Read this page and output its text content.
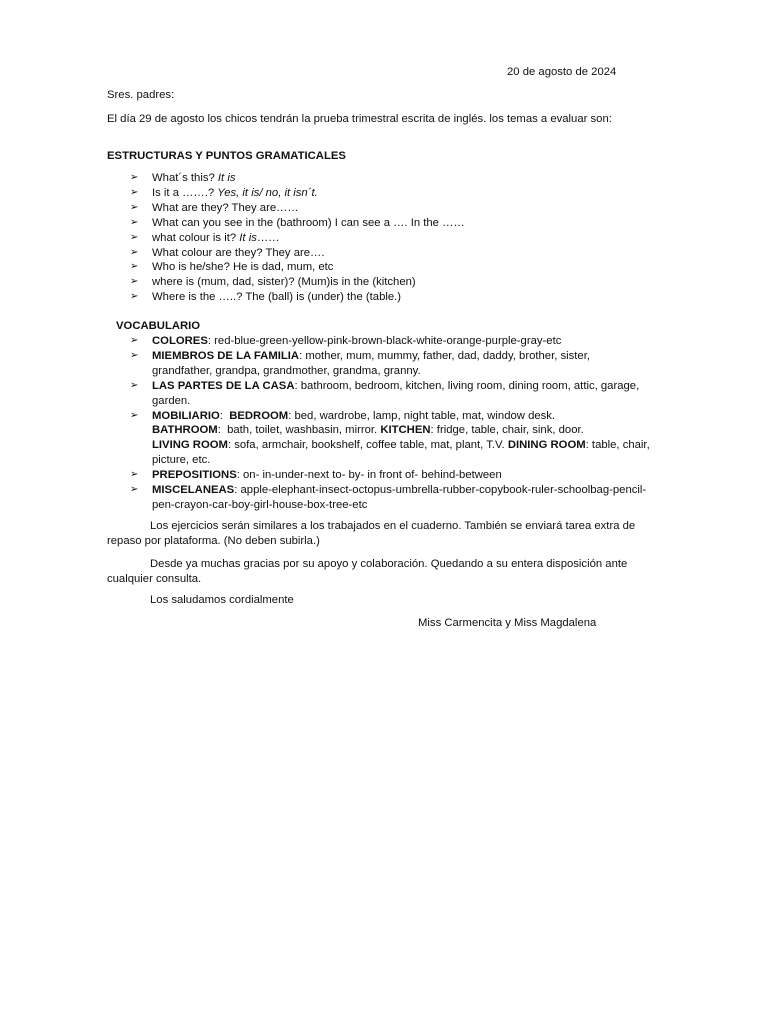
20 de agosto de 2024
Sres. padres:
El día 29 de agosto los chicos tendrán la prueba trimestral escrita de inglés. los temas a evaluar son:
ESTRUCTURAS Y PUNTOS GRAMATICALES
➢ What´s this? It is
➢ Is it a …….? Yes, it is/ no, it isn´t.
➢ What are they? They are……
➢ What can you see in the (bathroom) I can see a …. In the ……
➢ what colour is it? It is……
➢ What colour are they? They are….
➢ Who is he/she? He is dad, mum, etc
➢ where is (mum, dad, sister)? (Mum)is in the (kitchen)
➢ Where is the …..? The (ball) is (under) the (table.)
VOCABULARIO
➢ COLORES: red-blue-green-yellow-pink-brown-black-white-orange-purple-gray-etc
➢ MIEMBROS DE LA FAMILIA: mother, mum, mummy, father, dad, daddy, brother, sister, grandfather, grandpa, grandmother, grandma, granny.
➢ LAS PARTES DE LA CASA: bathroom, bedroom, kitchen, living room, dining room, attic, garage, garden.
➢ MOBILIARIO:  BEDROOM: bed, wardrobe, lamp, night table, mat, window desk.
BATHROOM:  bath, toilet, washbasin, mirror. KITCHEN: fridge, table, chair, sink, door.
LIVING ROOM: sofa, armchair, bookshelf, coffee table, mat, plant, T.V. DINING ROOM: table, chair, picture, etc.
➢ PREPOSITIONS: on- in-under-next to- by- in front of- behind-between
➢ MISCELANEAS: apple-elephant-insect-octopus-umbrella-rubber-copybook-ruler-schoolbag-pencil-pen-crayon-car-boy-girl-house-box-tree-etc
Los ejercicios serán similares a los trabajados en el cuaderno. También se enviará tarea extra de repaso por plataforma. (No deben subirla.)
Desde ya muchas gracias por su apoyo y colaboración. Quedando a su entera disposición ante cualquier consulta.
Los saludamos cordialmente
Miss Carmencita y Miss Magdalena
